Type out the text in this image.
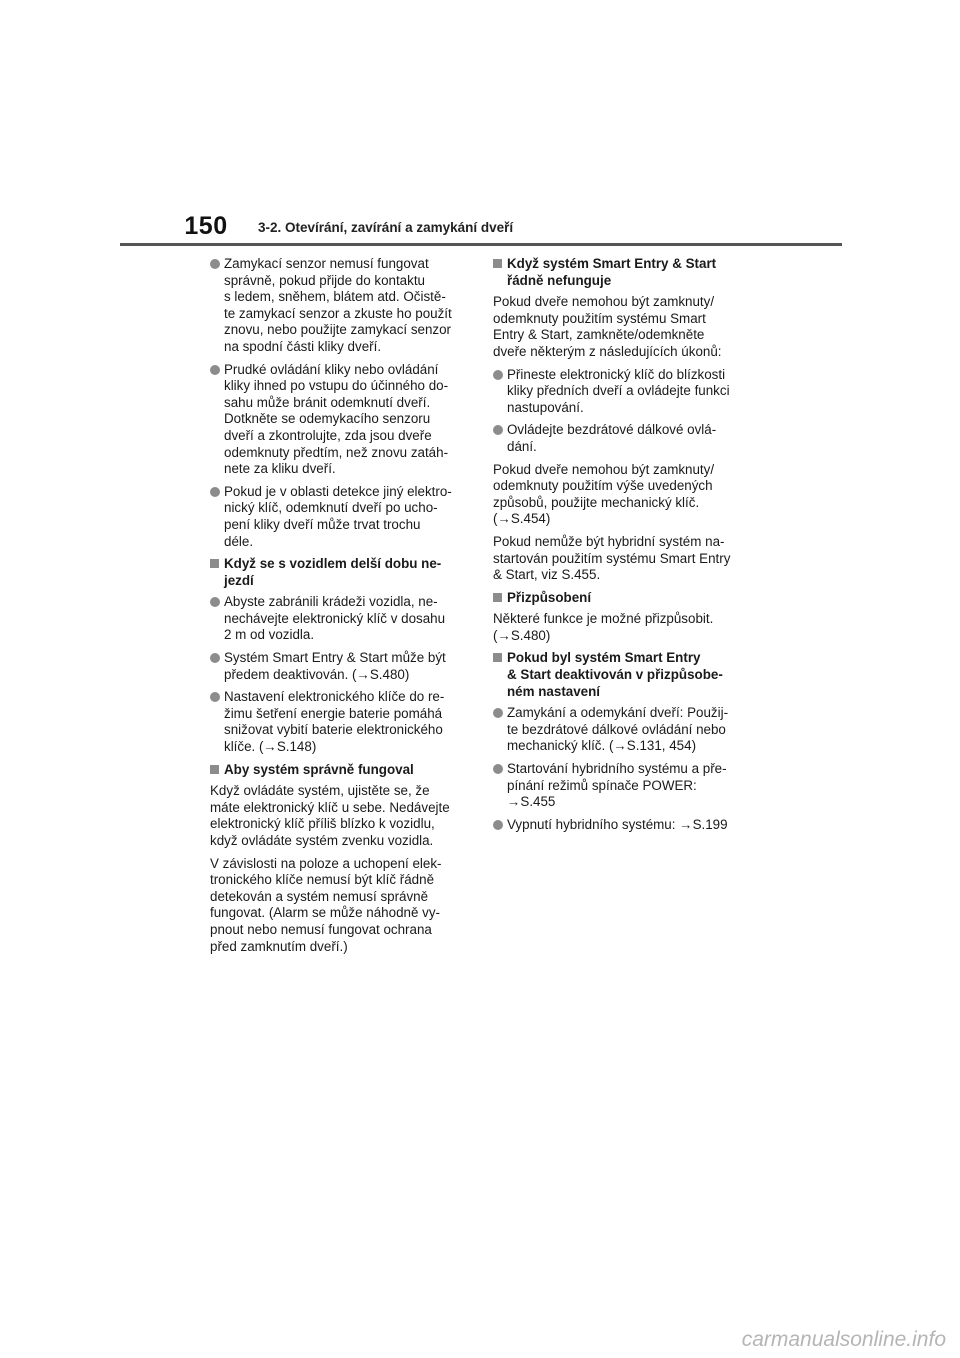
150 3-2. Otevírání, zavírání a zamykání dveří
Zamykací senzor nemusí fungovat
správně, pokud přijde do kontaktu
s ledem, sněhem, blátem atd. Očistě-
te zamykací senzor a zkuste ho použít
znovu, nebo použijte zamykací senzor
na spodní části kliky dveří.
Prudké ovládání kliky nebo ovládání
kliky ihned po vstupu do účinného do-
sahu může bránit odemknutí dveří.
Dotkněte se odemykacího senzoru
dveří a zkontrolujte, zda jsou dveře
odemknuty předtím, než znovu zatáh-
nete za kliku dveří.
Pokud je v oblasti detekce jiný elektro-
nický klíč, odemknutí dveří po ucho-
pení kliky dveří může trvat trochu
déle.
Když se s vozidlem delší dobu ne-
jezdí
Abyste zabránili krádeži vozidla, ne-
nechávejte elektronický klíč v dosahu
2 m od vozidla.
Systém Smart Entry & Start může být
předem deaktivován. (→S.480)
Nastavení elektronického klíče do re-
žimu šetření energie baterie pomáhá
snižovat vybití baterie elektronického
klíče. (→S.148)
Aby systém správně fungoval
Když ovládáte systém, ujistěte se, že
máte elektronický klíč u sebe. Nedávejte
elektronický klíč příliš blízko k vozidlu,
když ovládáte systém zvenku vozidla.
V závislosti na poloze a uchopení elek-
tronického klíče nemusí být klíč řádně
detekován a systém nemusí správně
fungovat. (Alarm se může náhodně vy-
pnout nebo nemusí fungovat ochrana
před zamknutím dveří.)
Když systém Smart Entry & Start
řádně nefunguje
Pokud dveře nemohou být zamknuty/
odemknuty použitím systému Smart
Entry & Start, zamkněte/odemkněte
dveře některým z následujících úkonů:
Přineste elektronický klíč do blízkosti
kliky předních dveří a ovládejte funkci
nastupování.
Ovládejte bezdrátové dálkové ovlá-
dání.
Pokud dveře nemohou být zamknuty/
odemknuty použitím výše uvedených
způsobů, použijte mechanický klíč.
(→S.454)
Pokud nemůže být hybridní systém na-
startován použitím systému Smart Entry
& Start, viz S.455.
Přizpůsobení
Některé funkce je možné přizpůsobit.
(→S.480)
Pokud byl systém Smart Entry
& Start deaktivován v přizpůsobe-
ném nastavení
Zamykání a odemykání dveří: Použij-
te bezdrátové dálkové ovládání nebo
mechanický klíč. (→S.131, 454)
Startování hybridního systému a pře-
pínání režimů spínače POWER:
→S.455
Vypnutí hybridního systému: →S.199
carmanualsonline.info
